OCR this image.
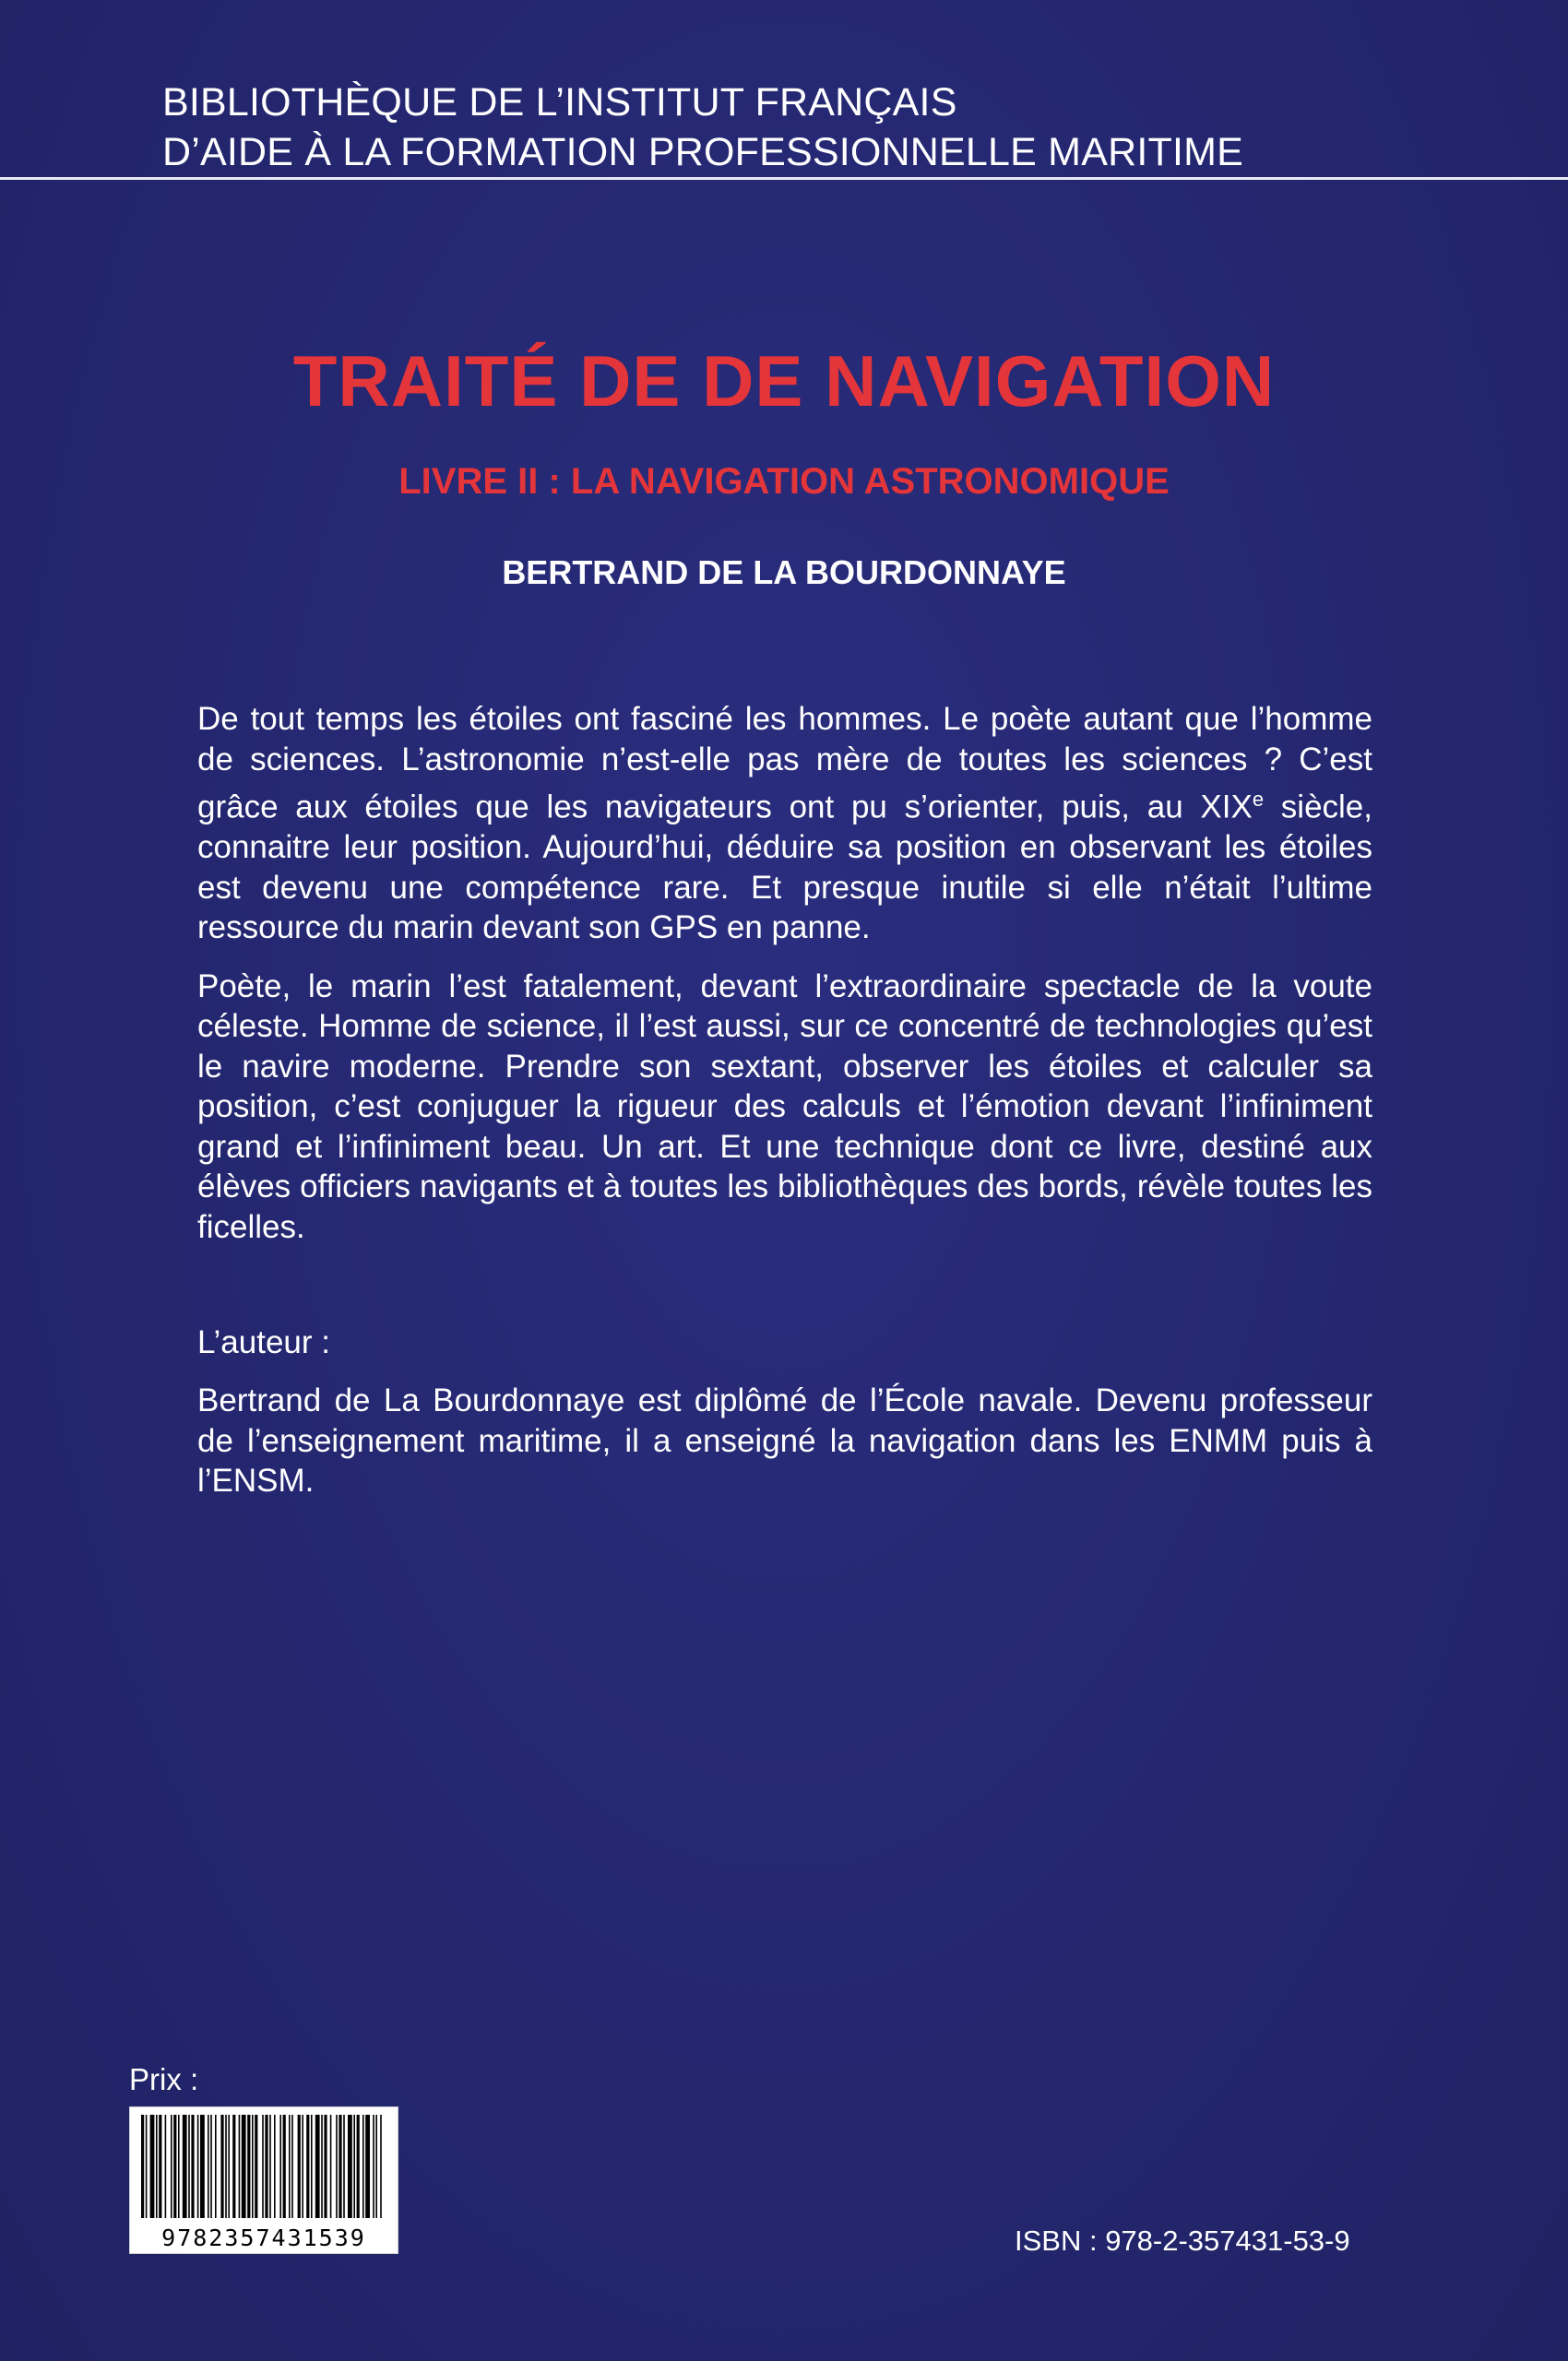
BIBLIOTHÈQUE DE L’INSTITUT FRANÇAIS
D’AIDE À LA FORMATION PROFESSIONNELLE MARITIME
TRAITÉ DE DE NAVIGATION
LIVRE II : LA NAVIGATION ASTRONOMIQUE
BERTRAND DE LA BOURDONNAYE

De tout temps les étoiles ont fasciné les hommes. Le poète autant que l’homme de sciences. L’astronomie n’est-elle pas mère de toutes les sciences ? C’est grâce aux étoiles que les navigateurs ont pu s’orienter, puis, au XIXe siècle, connaitre leur position. Aujourd’hui, déduire sa position en observant les étoiles est devenu une compétence rare. Et presque inutile si elle n’était l’ultime ressource du marin devant son GPS en panne.

Poète, le marin l’est fatalement, devant l’extraordinaire spectacle de la voute céleste. Homme de science, il l’est aussi, sur ce concentré de technologies qu’est le navire moderne. Prendre son sextant, observer les étoiles et calculer sa position, c’est conjuguer la rigueur des calculs et l’émotion devant l’infiniment grand et l’infiniment beau. Un art. Et une technique dont ce livre, destiné aux élèves officiers navigants et à toutes les bibliothèques des bords, révèle toutes les ficelles.

L’auteur :
Bertrand de La Bourdonnaye est diplômé de l’École navale. Devenu professeur de l’enseignement maritime, il a enseigné la navigation dans les ENMM puis à l’ENSM.
Prix :
9782357431539	ISBN : 978-2-357431-53-9
